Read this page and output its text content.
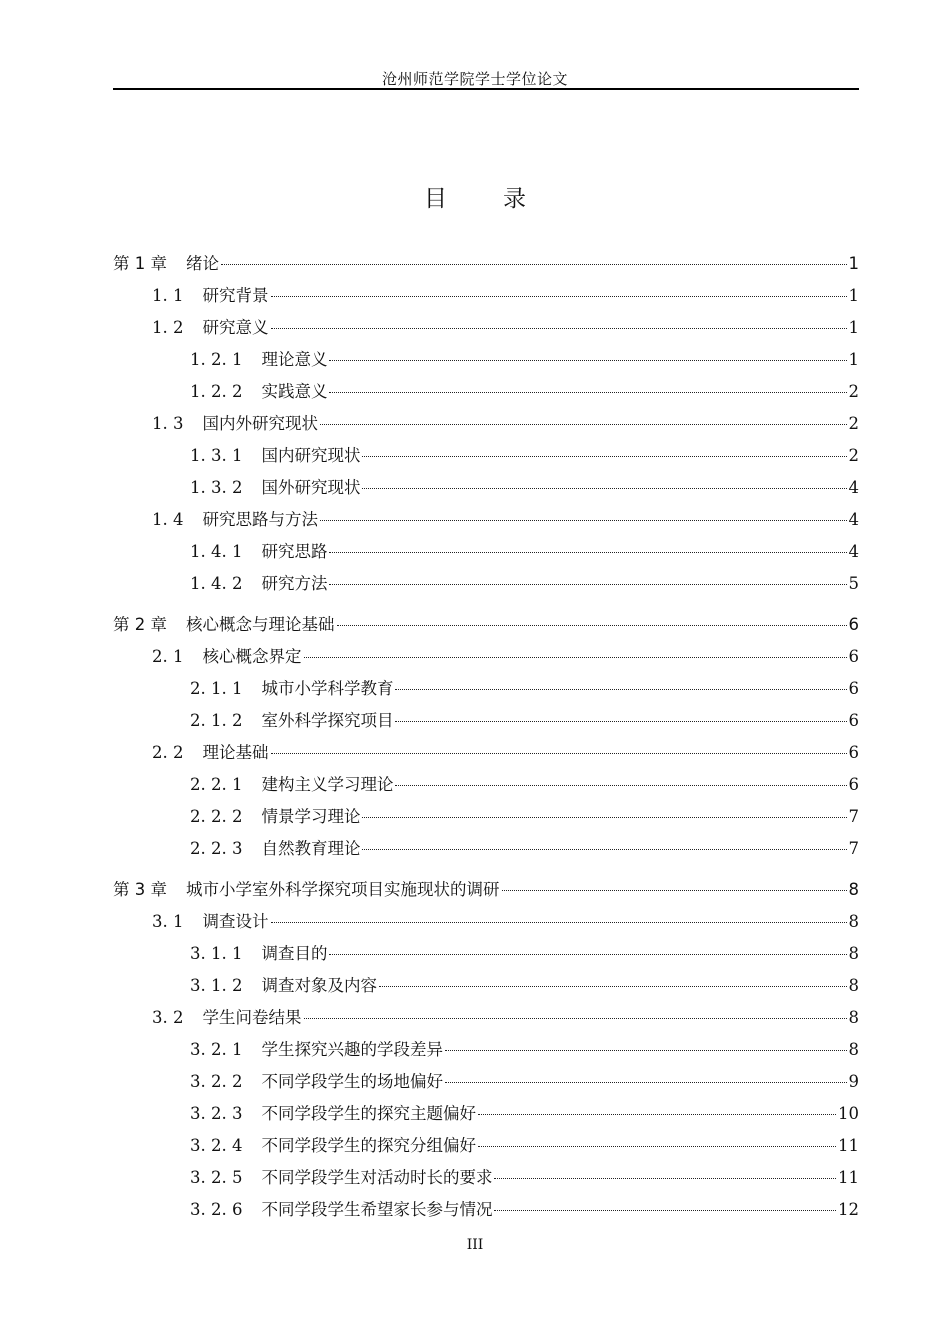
沧州师范学院学士学位论文
目 录
第 1 章 绪论	1
1. 1 研究背景	1
1. 2 研究意义	1
1. 2. 1 理论意义	1
1. 2. 2 实践意义	2
1. 3 国内外研究现状	2
1. 3. 1 国内研究现状	2
1. 3. 2 国外研究现状	4
1. 4 研究思路与方法	4
1. 4. 1 研究思路	4
1. 4. 2 研究方法	5
第 2 章 核心概念与理论基础	6
2. 1 核心概念界定	6
2. 1. 1 城市小学科学教育	6
2. 1. 2 室外科学探究项目	6
2. 2 理论基础	6
2. 2. 1 建构主义学习理论	6
2. 2. 2 情景学习理论	7
2. 2. 3 自然教育理论	7
第 3 章 城市小学室外科学探究项目实施现状的调研	8
3. 1 调查设计	8
3. 1. 1 调查目的	8
3. 1. 2 调查对象及内容	8
3. 2 学生问卷结果	8
3. 2. 1 学生探究兴趣的学段差异	8
3. 2. 2 不同学段学生的场地偏好	9
3. 2. 3 不同学段学生的探究主题偏好	10
3. 2. 4 不同学段学生的探究分组偏好	11
3. 2. 5 不同学段学生对活动时长的要求	11
3. 2. 6 不同学段学生希望家长参与情况	12
III
